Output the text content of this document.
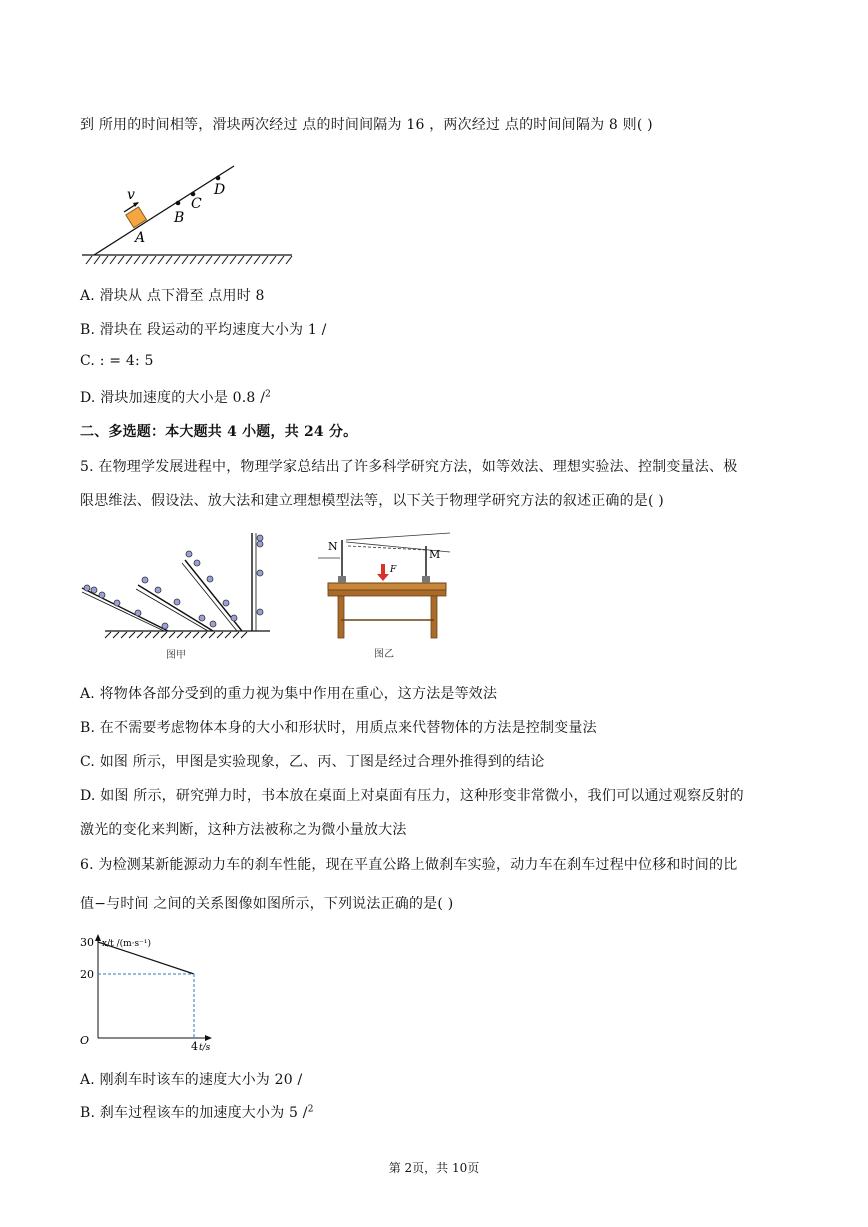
到 所用的时间相等，滑块两次经过 点的时间间隔为 16 ，两次经过 点的时间间隔为 8 则( )
v
A
B
C
D
A. 滑块从 点下滑至 点用时 8
B. 滑块在 段运动的平均速度大小为 1 /
C. : = 4: 5
D. 滑块加速度的大小是 0.8 /$^2$
二、多选题：本大题共 4 小题，共 24 分。
5. 在物理学发展进程中，物理学家总结出了许多科学研究方法，如等效法、理想实验法、控制变量法、极
限思维法、假设法、放大法和建立理想模型法等，以下关于物理学研究方法的叙述正确的是( )
图甲
N
M
F
图乙
A. 将物体各部分受到的重力视为集中作用在重心，这方法是等效法
B. 在不需要考虑物体本身的大小和形状时，用质点来代替物体的方法是控制变量法
C. 如图 所示，甲图是实验现象，乙、丙、丁图是经过合理外推得到的结论
D. 如图 所示，研究弹力时，书本放在桌面上对桌面有压力，这种形变非常微小，我们可以通过观察反射的
激光的变化来判断，这种方法被称之为微小量放大法
6. 为检测某新能源动力车的刹车性能，现在平直公路上做刹车实验，动力车在刹车过程中位移和时间的比
值−与时间 之间的关系图像如图所示，下列说法正确的是( )
O
x/t /(m·s⁻¹)
t/s
30
20
4
A. 刚刹车时该车的速度大小为 20 /
B. 刹车过程该车的加速度大小为 5 /$^2$
第 2页，共 10页
